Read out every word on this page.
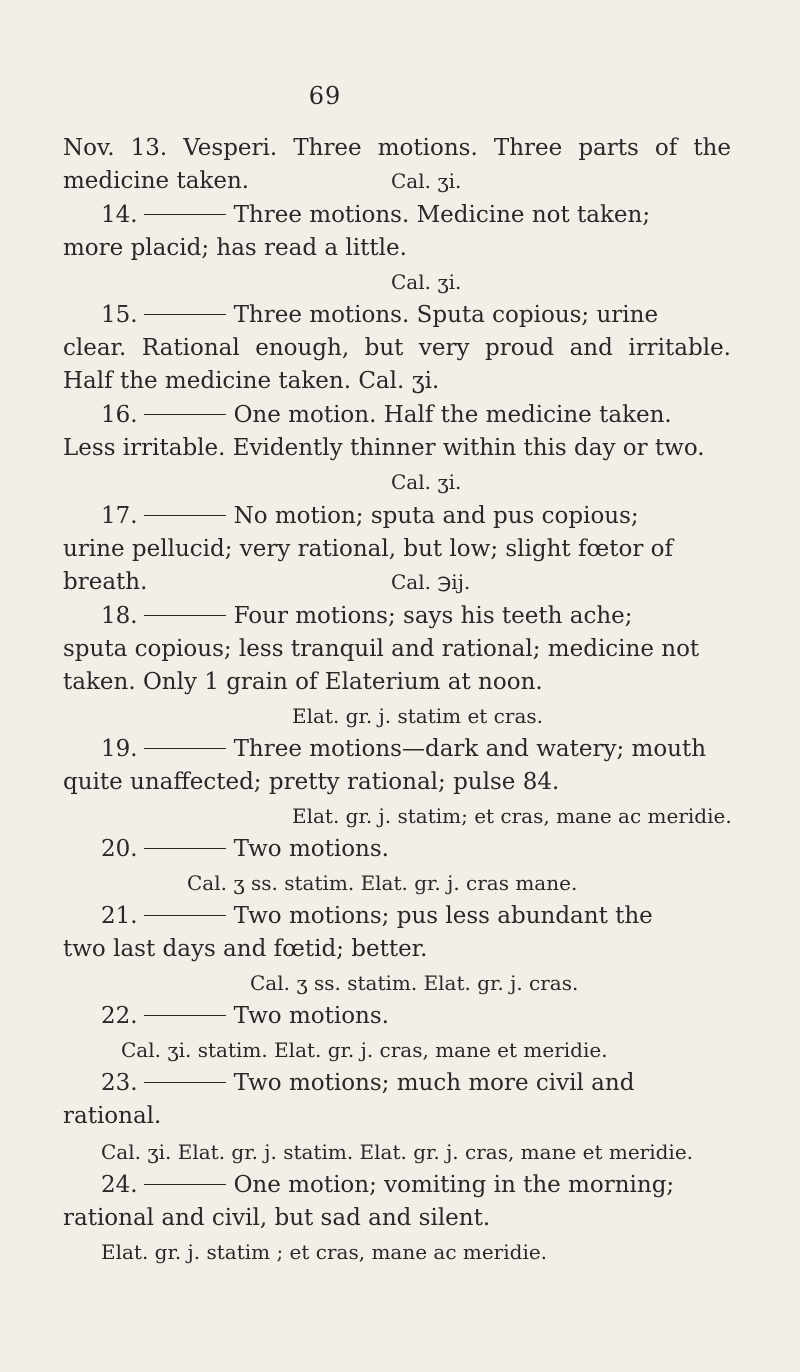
69
Nov. 13. Vesperi. Three motions. Three parts of the
medicine taken.	Cal. ʒi.
14.	Three motions. Medicine not taken;
more placid; has read a little.
Cal. ʒi.
15.	Three motions. Sputa copious; urine
clear. Rational enough, but very proud and irritable.
Half the medicine taken. Cal. ʒi.
16.	One motion. Half the medicine taken.
Less irritable. Evidently thinner within this day or two.
Cal. ʒi.
17.	No motion; sputa and pus copious;
urine pellucid; very rational, but low; slight fœtor of
breath.	Cal. ℈ij.
18.	Four motions; says his teeth ache;
sputa copious; less tranquil and rational; medicine not
taken. Only 1 grain of Elaterium at noon.
Elat. gr. j. statim et cras.
19.	Three motions—dark and watery; mouth
quite unaffected; pretty rational; pulse 84.
Elat. gr. j. statim; et cras, mane ac meridie.
20.	Two motions.
Cal. ʒ ss. statim. Elat. gr. j. cras mane.
21.	Two motions; pus less abundant the
two last days and fœtid; better.
Cal. ʒ ss. statim. Elat. gr. j. cras.
22.	Two motions.
Cal. ʒi. statim. Elat. gr. j. cras, mane et meridie.
23.	Two motions; much more civil and
rational.
Cal. ʒi. Elat. gr. j. statim. Elat. gr. j. cras, mane et meridie.
24.	One motion; vomiting in the morning;
rational and civil, but sad and silent.
Elat. gr. j. statim ; et cras, mane ac meridie.
